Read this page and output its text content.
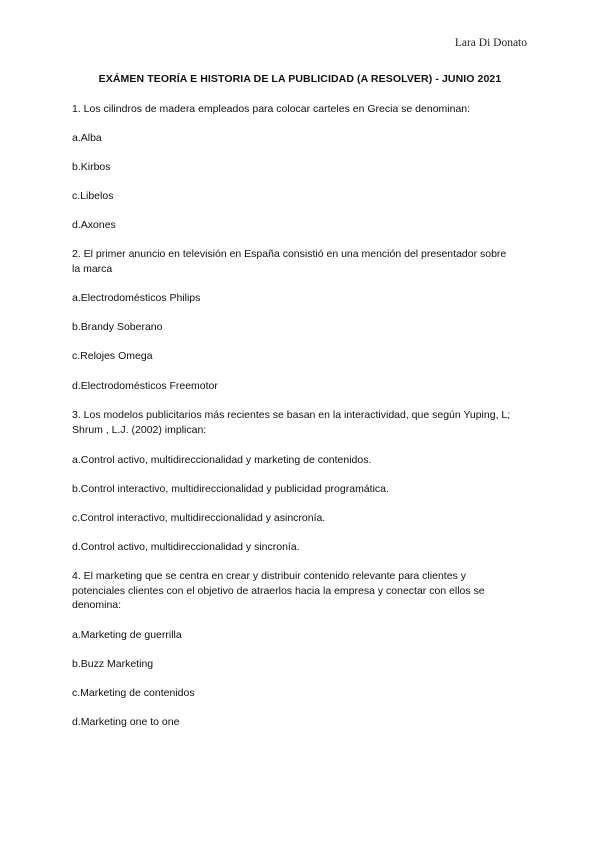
Lara Di Donato
EXÁMEN TEORÍA E HISTORIA DE LA PUBLICIDAD (A RESOLVER) - JUNIO 2021
1. Los cilindros de madera empleados para colocar carteles en Grecia se denominan:
a.Alba
b.Kirbos
c.Libelos
d.Axones
2. El primer anuncio en televisión en España consistió en una mención del presentador sobre la marca
a.Electrodomésticos Philips
b.Brandy Soberano
c.Relojes Omega
d.Electrodomésticos Freemotor
3. Los modelos publicitarios más recientes se basan en la interactividad, que según Yuping, L; Shrum , L.J. (2002) implican:
a.Control activo, multidireccionalidad y marketing de contenidos.
b.Control interactivo, multidireccionalidad y publicidad programática.
c.Control interactivo, multidireccionalidad y asincronía.
d.Control activo, multidireccionalidad y sincronía.
4. El marketing que se centra en crear y distribuir contenido relevante para clientes y potenciales clientes con el objetivo de atraerlos hacia la empresa y conectar con ellos se denomina:
a.Marketing de guerrilla
b.Buzz Marketing
c.Marketing de contenidos
d.Marketing one to one
